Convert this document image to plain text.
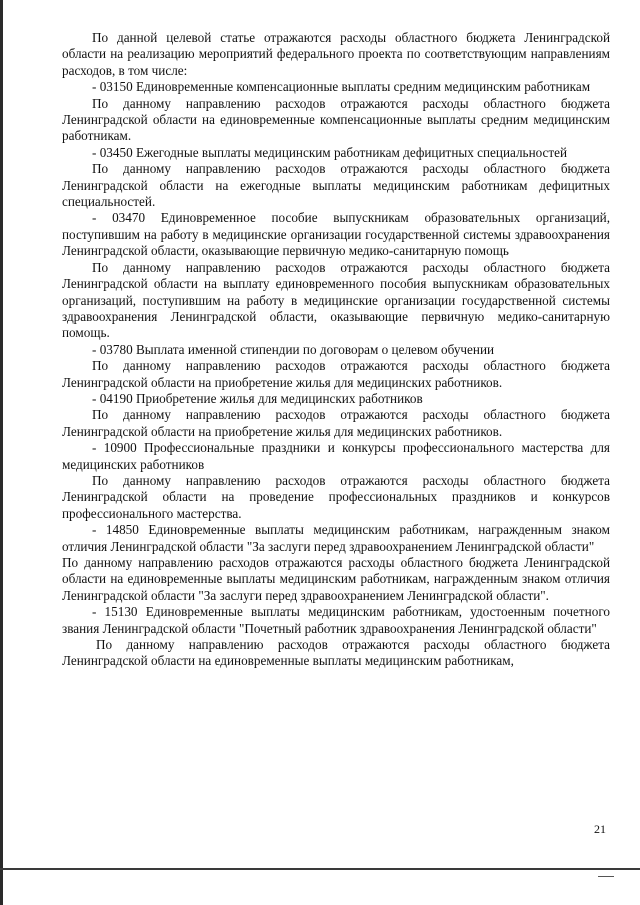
По данной целевой статье отражаются расходы областного бюджета Ленинградской области на реализацию мероприятий федерального проекта по соответствующим направлениям расходов, в том числе:

- 03150 Единовременные компенсационные выплаты средним медицинским работникам

По данному направлению расходов отражаются расходы областного бюджета Ленинградской области на единовременные компенсационные выплаты средним медицинским работникам.

- 03450 Ежегодные выплаты медицинским работникам дефицитных специальностей

По данному направлению расходов отражаются расходы областного бюджета Ленинградской области на ежегодные выплаты медицинским работникам дефицитных специальностей.

- 03470 Единовременное пособие выпускникам образовательных организаций, поступившим на работу в медицинские организации государственной системы здравоохранения Ленинградской области, оказывающие первичную медико-санитарную помощь

По данному направлению расходов отражаются расходы областного бюджета Ленинградской области на выплату единовременного пособия выпускникам образовательных организаций, поступившим на работу в медицинские организации государственной системы здравоохранения Ленинградской области, оказывающие первичную медико-санитарную помощь.

- 03780 Выплата именной стипендии по договорам о целевом обучении

По данному направлению расходов отражаются расходы областного бюджета Ленинградской области на приобретение жилья для медицинских работников.

- 04190 Приобретение жилья для медицинских работников

По данному направлению расходов отражаются расходы областного бюджета Ленинградской области на приобретение жилья для медицинских работников.

- 10900 Профессиональные праздники и конкурсы профессионального мастерства для медицинских работников

По данному направлению расходов отражаются расходы областного бюджета Ленинградской области на проведение профессиональных праздников и конкурсов профессионального мастерства.

- 14850 Единовременные выплаты медицинским работникам, награжденным знаком отличия Ленинградской области "За заслуги перед здравоохранением Ленинградской области"

По данному направлению расходов отражаются расходы областного бюджета Ленинградской области на единовременные выплаты медицинским работникам, награжденным знаком отличия Ленинградской области "За заслуги перед здравоохранением Ленинградской области".

- 15130 Единовременные выплаты медицинским работникам, удостоенным почетного звания Ленинградской области "Почетный работник здравоохранения Ленинградской области"

По данному направлению расходов отражаются расходы областного бюджета Ленинградской области на единовременные выплаты медицинским работникам,

21
